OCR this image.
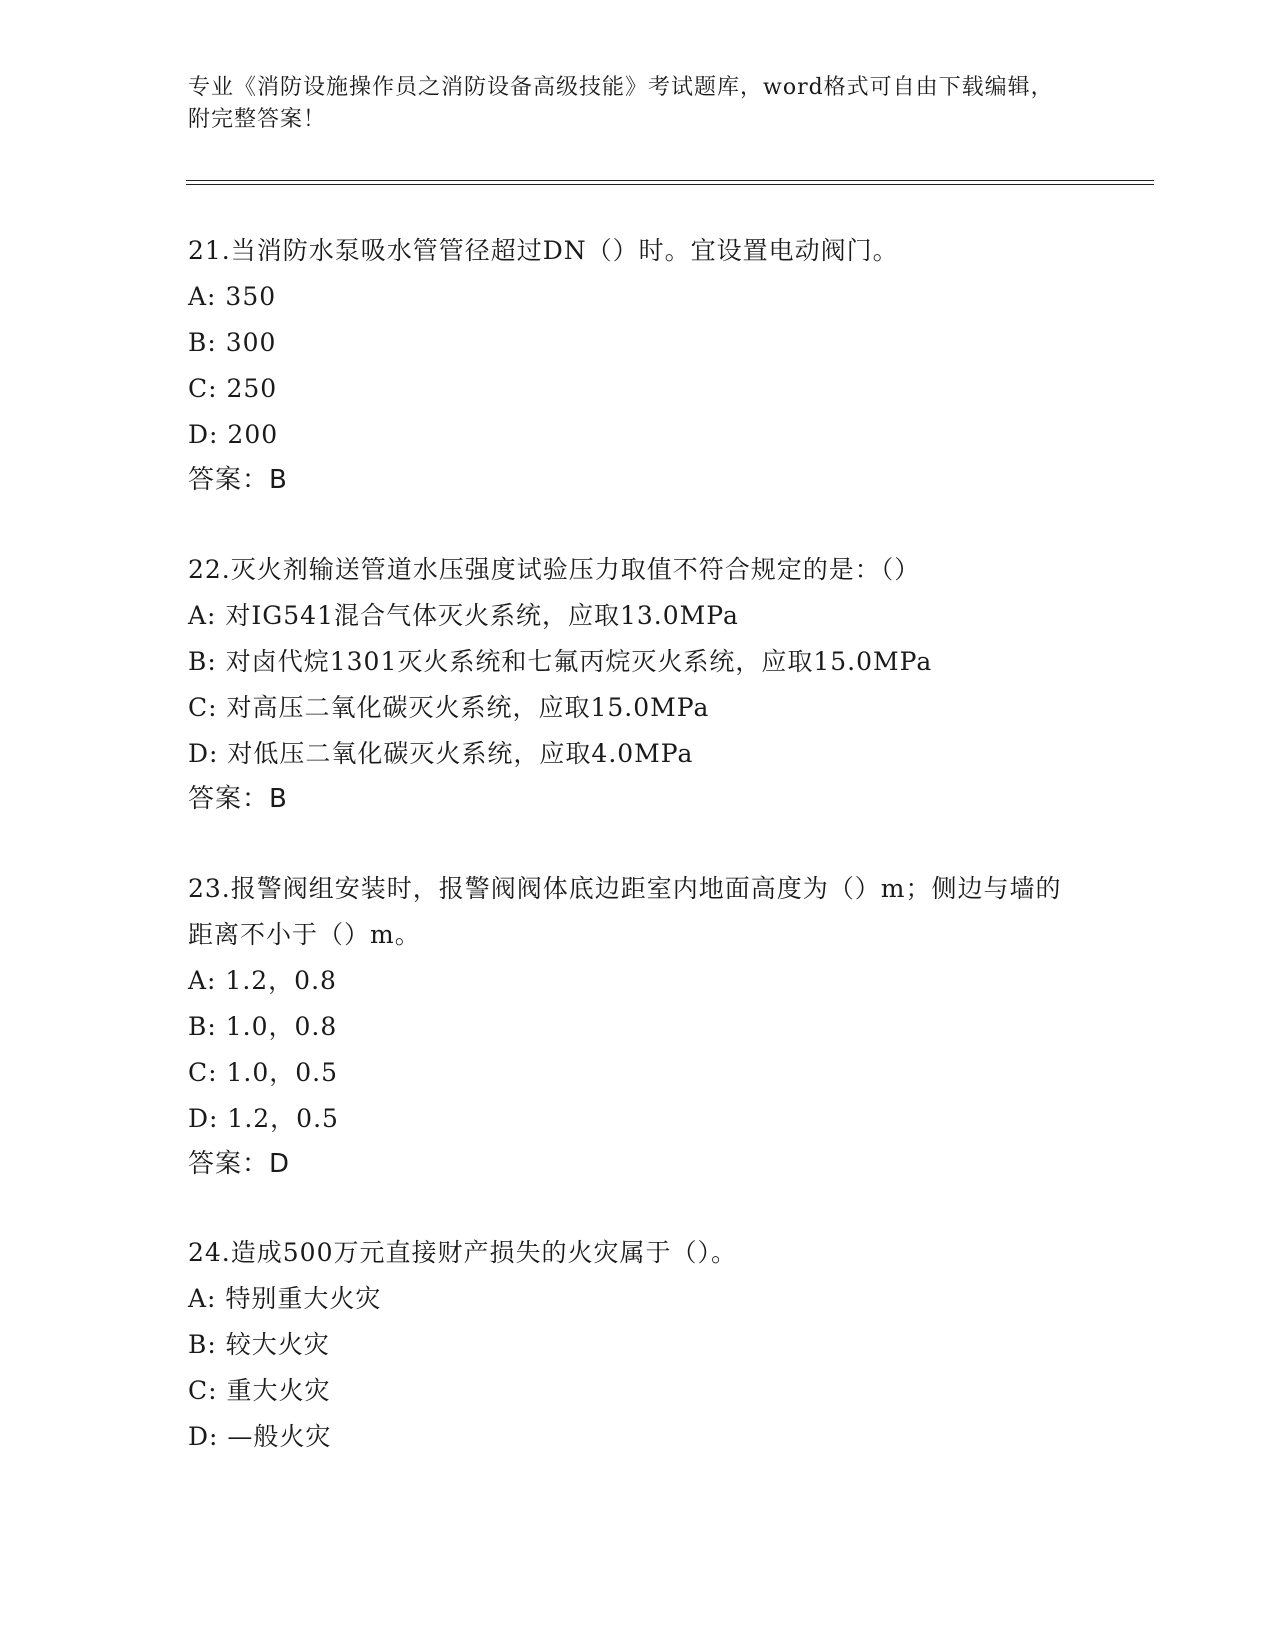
专业《消防设施操作员之消防设备高级技能》考试题库，word格式可自由下载编辑，附完整答案！
21.当消防水泵吸水管管径超过DN（）时。宜设置电动阀门。
A: 350
B: 300
C: 250
D: 200
答案：B
22.灭火剂输送管道水压强度试验压力取值不符合规定的是：（）
A: 对IG541混合气体灭火系统，应取13.0MPa
B: 对卤代烷1301灭火系统和七氟丙烷灭火系统，应取15.0MPa
C: 对高压二氧化碳灭火系统，应取15.0MPa
D: 对低压二氧化碳灭火系统，应取4.0MPa
答案：B
23.报警阀组安装时，报警阀阀体底边距室内地面高度为（）m；侧边与墙的距离不小于（）m。
A: 1.2，0.8
B: 1.0，0.8
C: 1.0，0.5
D: 1.2，0.5
答案：D
24.造成500万元直接财产损失的火灾属于（）。
A: 特别重大火灾
B: 较大火灾
C: 重大火灾
D: —般火灾
